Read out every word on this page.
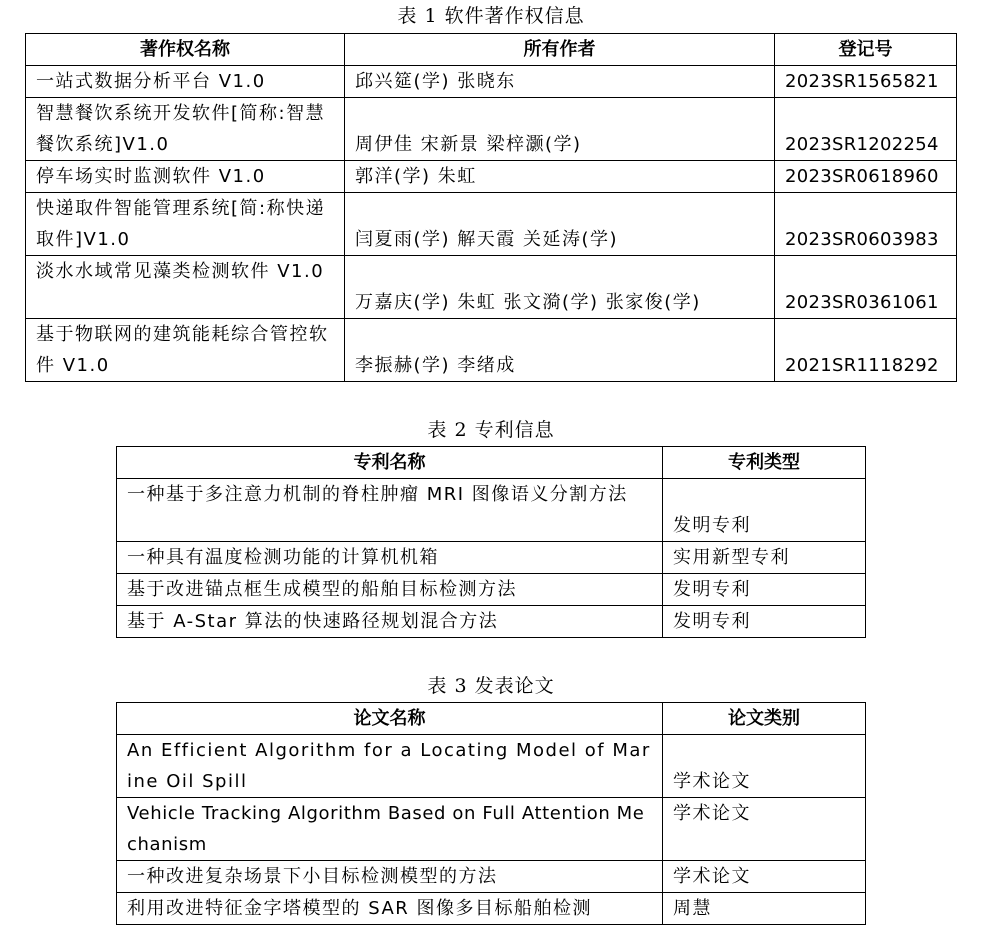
表 1 软件著作权信息
著作权名称	所有作者	登记号
一站式数据分析平台 V1.0	邱兴筵(学) 张晓东	2023SR1565821
智慧餐饮系统开发软件[简称:智慧餐饮系统]V1.0	周伊佳 宋新景 梁梓灏(学)	2023SR1202254
停车场实时监测软件 V1.0	郭洋(学) 朱虹	2023SR0618960
快递取件智能管理系统[简:称快递取件]V1.0	闫夏雨(学) 解天霞 关延涛(学)	2023SR0603983
淡水水域常见藻类检测软件 V1.0	万嘉庆(学) 朱虹 张文漪(学) 张家俊(学)	2023SR0361061
基于物联网的建筑能耗综合管控软件 V1.0	李振赫(学) 李绪成	2021SR1118292
表 2 专利信息
专利名称	专利类型
一种基于多注意力机制的脊柱肿瘤 MRI 图像语义分割方法	发明专利
一种具有温度检测功能的计算机机箱	实用新型专利
基于改进锚点框生成模型的船舶目标检测方法	发明专利
基于 A-Star 算法的快速路径规划混合方法	发明专利
表 3 发表论文
论文名称	论文类别
An Efficient Algorithm for a Locating Model of Marine Oil Spill	学术论文
Vehicle Tracking Algorithm Based on Full Attention Mechanism	学术论文
一种改进复杂场景下小目标检测模型的方法	学术论文
利用改进特征金字塔模型的 SAR 图像多目标船舶检测	周慧
